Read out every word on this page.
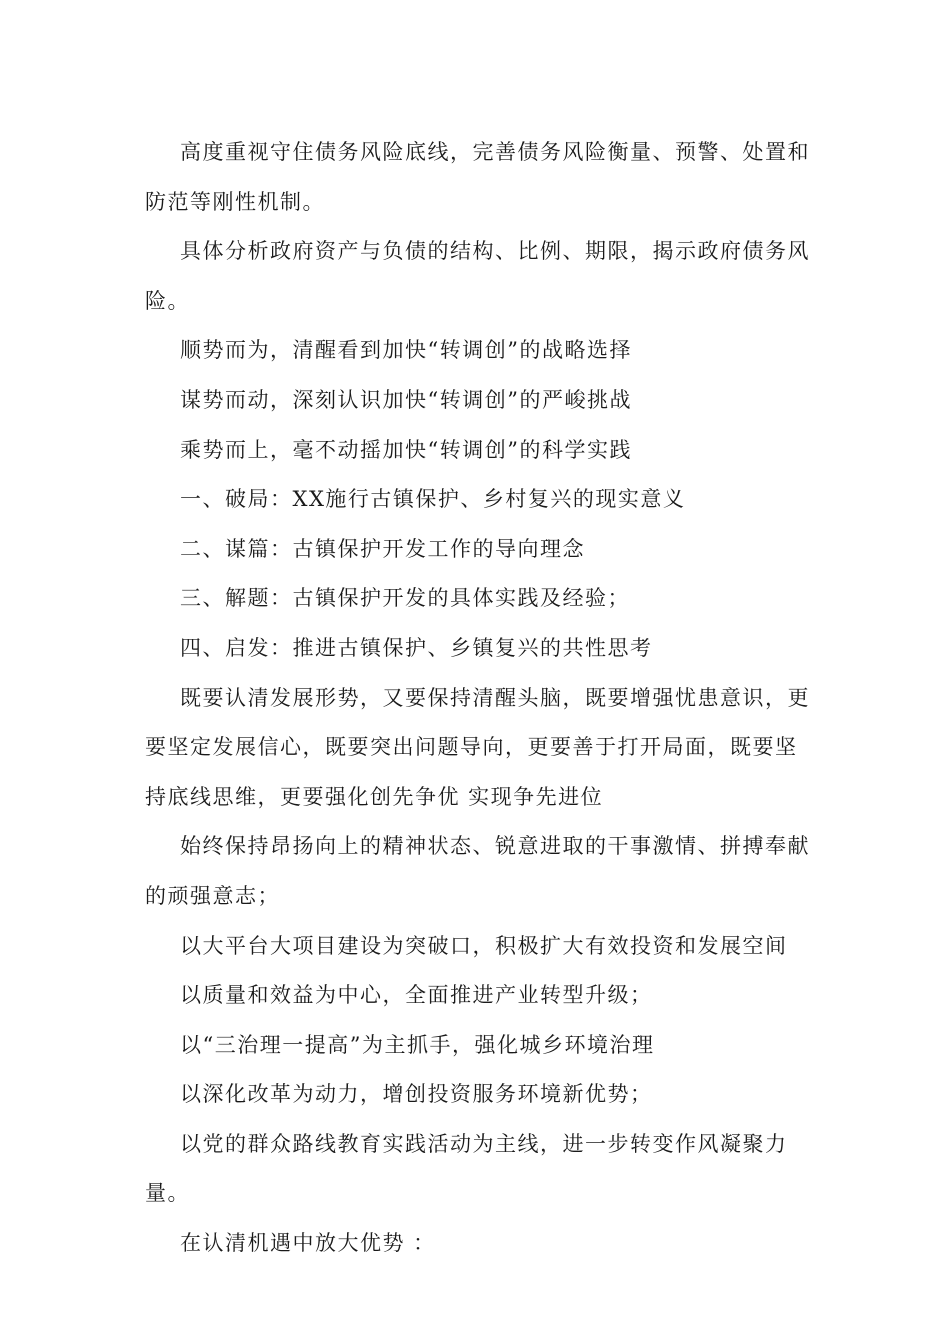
高度重视守住债务风险底线，完善债务风险衡量、预警、处置和防范等刚性机制。

具体分析政府资产与负债的结构、比例、期限，揭示政府债务风险。

顺势而为，清醒看到加快“转调创”的战略选择

谋势而动，深刻认识加快“转调创”的严峻挑战

乘势而上，毫不动摇加快“转调创”的科学实践

一、破局：XX施行古镇保护、乡村复兴的现实意义

二、谋篇：古镇保护开发工作的导向理念

三、解题：古镇保护开发的具体实践及经验；

四、启发：推进古镇保护、乡镇复兴的共性思考

既要认清发展形势，又要保持清醒头脑，既要增强忧患意识，更要坚定发展信心，既要突出问题导向，更要善于打开局面，既要坚持底线思维，更要强化创先争优 实现争先进位

始终保持昂扬向上的精神状态、锐意进取的干事激情、拼搏奉献的顽强意志；

以大平台大项目建设为突破口，积极扩大有效投资和发展空间

以质量和效益为中心，全面推进产业转型升级；

以“三治理一提高”为主抓手，强化城乡环境治理

以深化改革为动力，增创投资服务环境新优势；

以党的群众路线教育实践活动为主线，进一步转变作风凝聚力量。

在认清机遇中放大优势 ：
